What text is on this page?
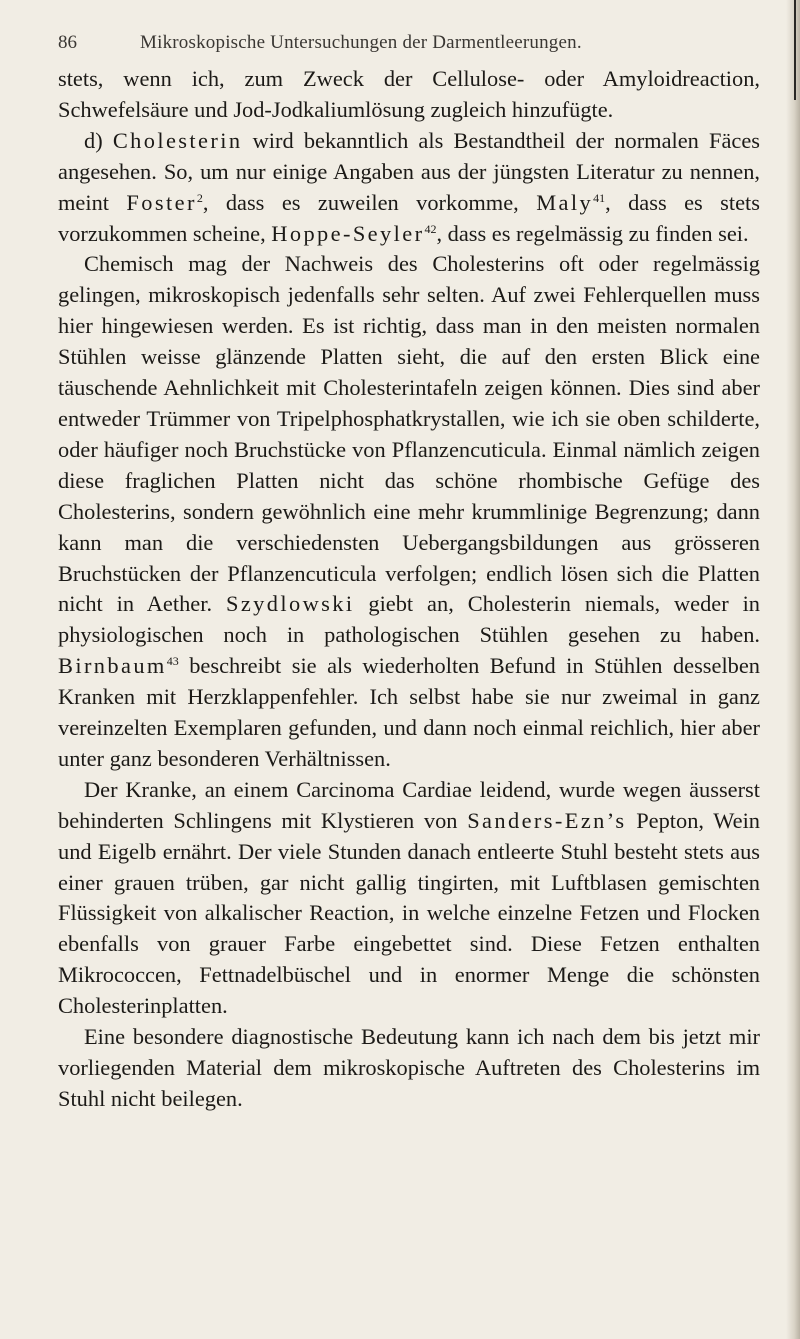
86	Mikroskopische Untersuchungen der Darmentleerungen.

stets, wenn ich, zum Zweck der Cellulose- oder Amyloidreaction, Schwefelsäure und Jod-Jodkaliumlösung zugleich hinzufügte.

d) Cholesterin wird bekanntlich als Bestandtheil der normalen Fäces angesehen. So, um nur einige Angaben aus der jüngsten Literatur zu nennen, meint Foster$^2$, dass es zuweilen vorkomme, Maly$^{41}$, dass es stets vorzukommen scheine, Hoppe-Seyler$^{42}$, dass es regelmässig zu finden sei.

Chemisch mag der Nachweis des Cholesterins oft oder regelmässig gelingen, mikroskopisch jedenfalls sehr selten. Auf zwei Fehlerquellen muss hier hingewiesen werden. Es ist richtig, dass man in den meisten normalen Stühlen weisse glänzende Platten sieht, die auf den ersten Blick eine täuschende Aehnlichkeit mit Cholesterintafeln zeigen können. Dies sind aber entweder Trümmer von Tripelphosphatkrystallen, wie ich sie oben schilderte, oder häufiger noch Bruchstücke von Pflanzencuticula. Einmal nämlich zeigen diese fraglichen Platten nicht das schöne rhombische Gefüge des Cholesterins, sondern gewöhnlich eine mehr krummlinige Begrenzung; dann kann man die verschiedensten Uebergangsbildungen aus grösseren Bruchstücken der Pflanzencuticula verfolgen; endlich lösen sich die Platten nicht in Aether. Szydlowski giebt an, Cholesterin niemals, weder in physiologischen noch in pathologischen Stühlen gesehen zu haben. Birnbaum$^{43}$ beschreibt sie als wiederholten Befund in Stühlen desselben Kranken mit Herzklappenfehler. Ich selbst habe sie nur zweimal in ganz vereinzelten Exemplaren gefunden, und dann noch einmal reichlich, hier aber unter ganz besonderen Verhältnissen.

Der Kranke, an einem Carcinoma Cardiae leidend, wurde wegen äusserst behinderten Schlingens mit Klystieren von Sanders-Ezn’s Pepton, Wein und Eigelb ernährt. Der viele Stunden danach entleerte Stuhl besteht stets aus einer grauen trüben, gar nicht gallig tingirten, mit Luftblasen gemischten Flüssigkeit von alkalischer Reaction, in welche einzelne Fetzen und Flocken ebenfalls von grauer Farbe eingebettet sind. Diese Fetzen enthalten Mikrococcen, Fettnadelbüschel und in enormer Menge die schönsten Cholesterinplatten.

Eine besondere diagnostische Bedeutung kann ich nach dem bis jetzt mir vorliegenden Material dem mikroskopische Auftreten des Cholesterins im Stuhl nicht beilegen.
